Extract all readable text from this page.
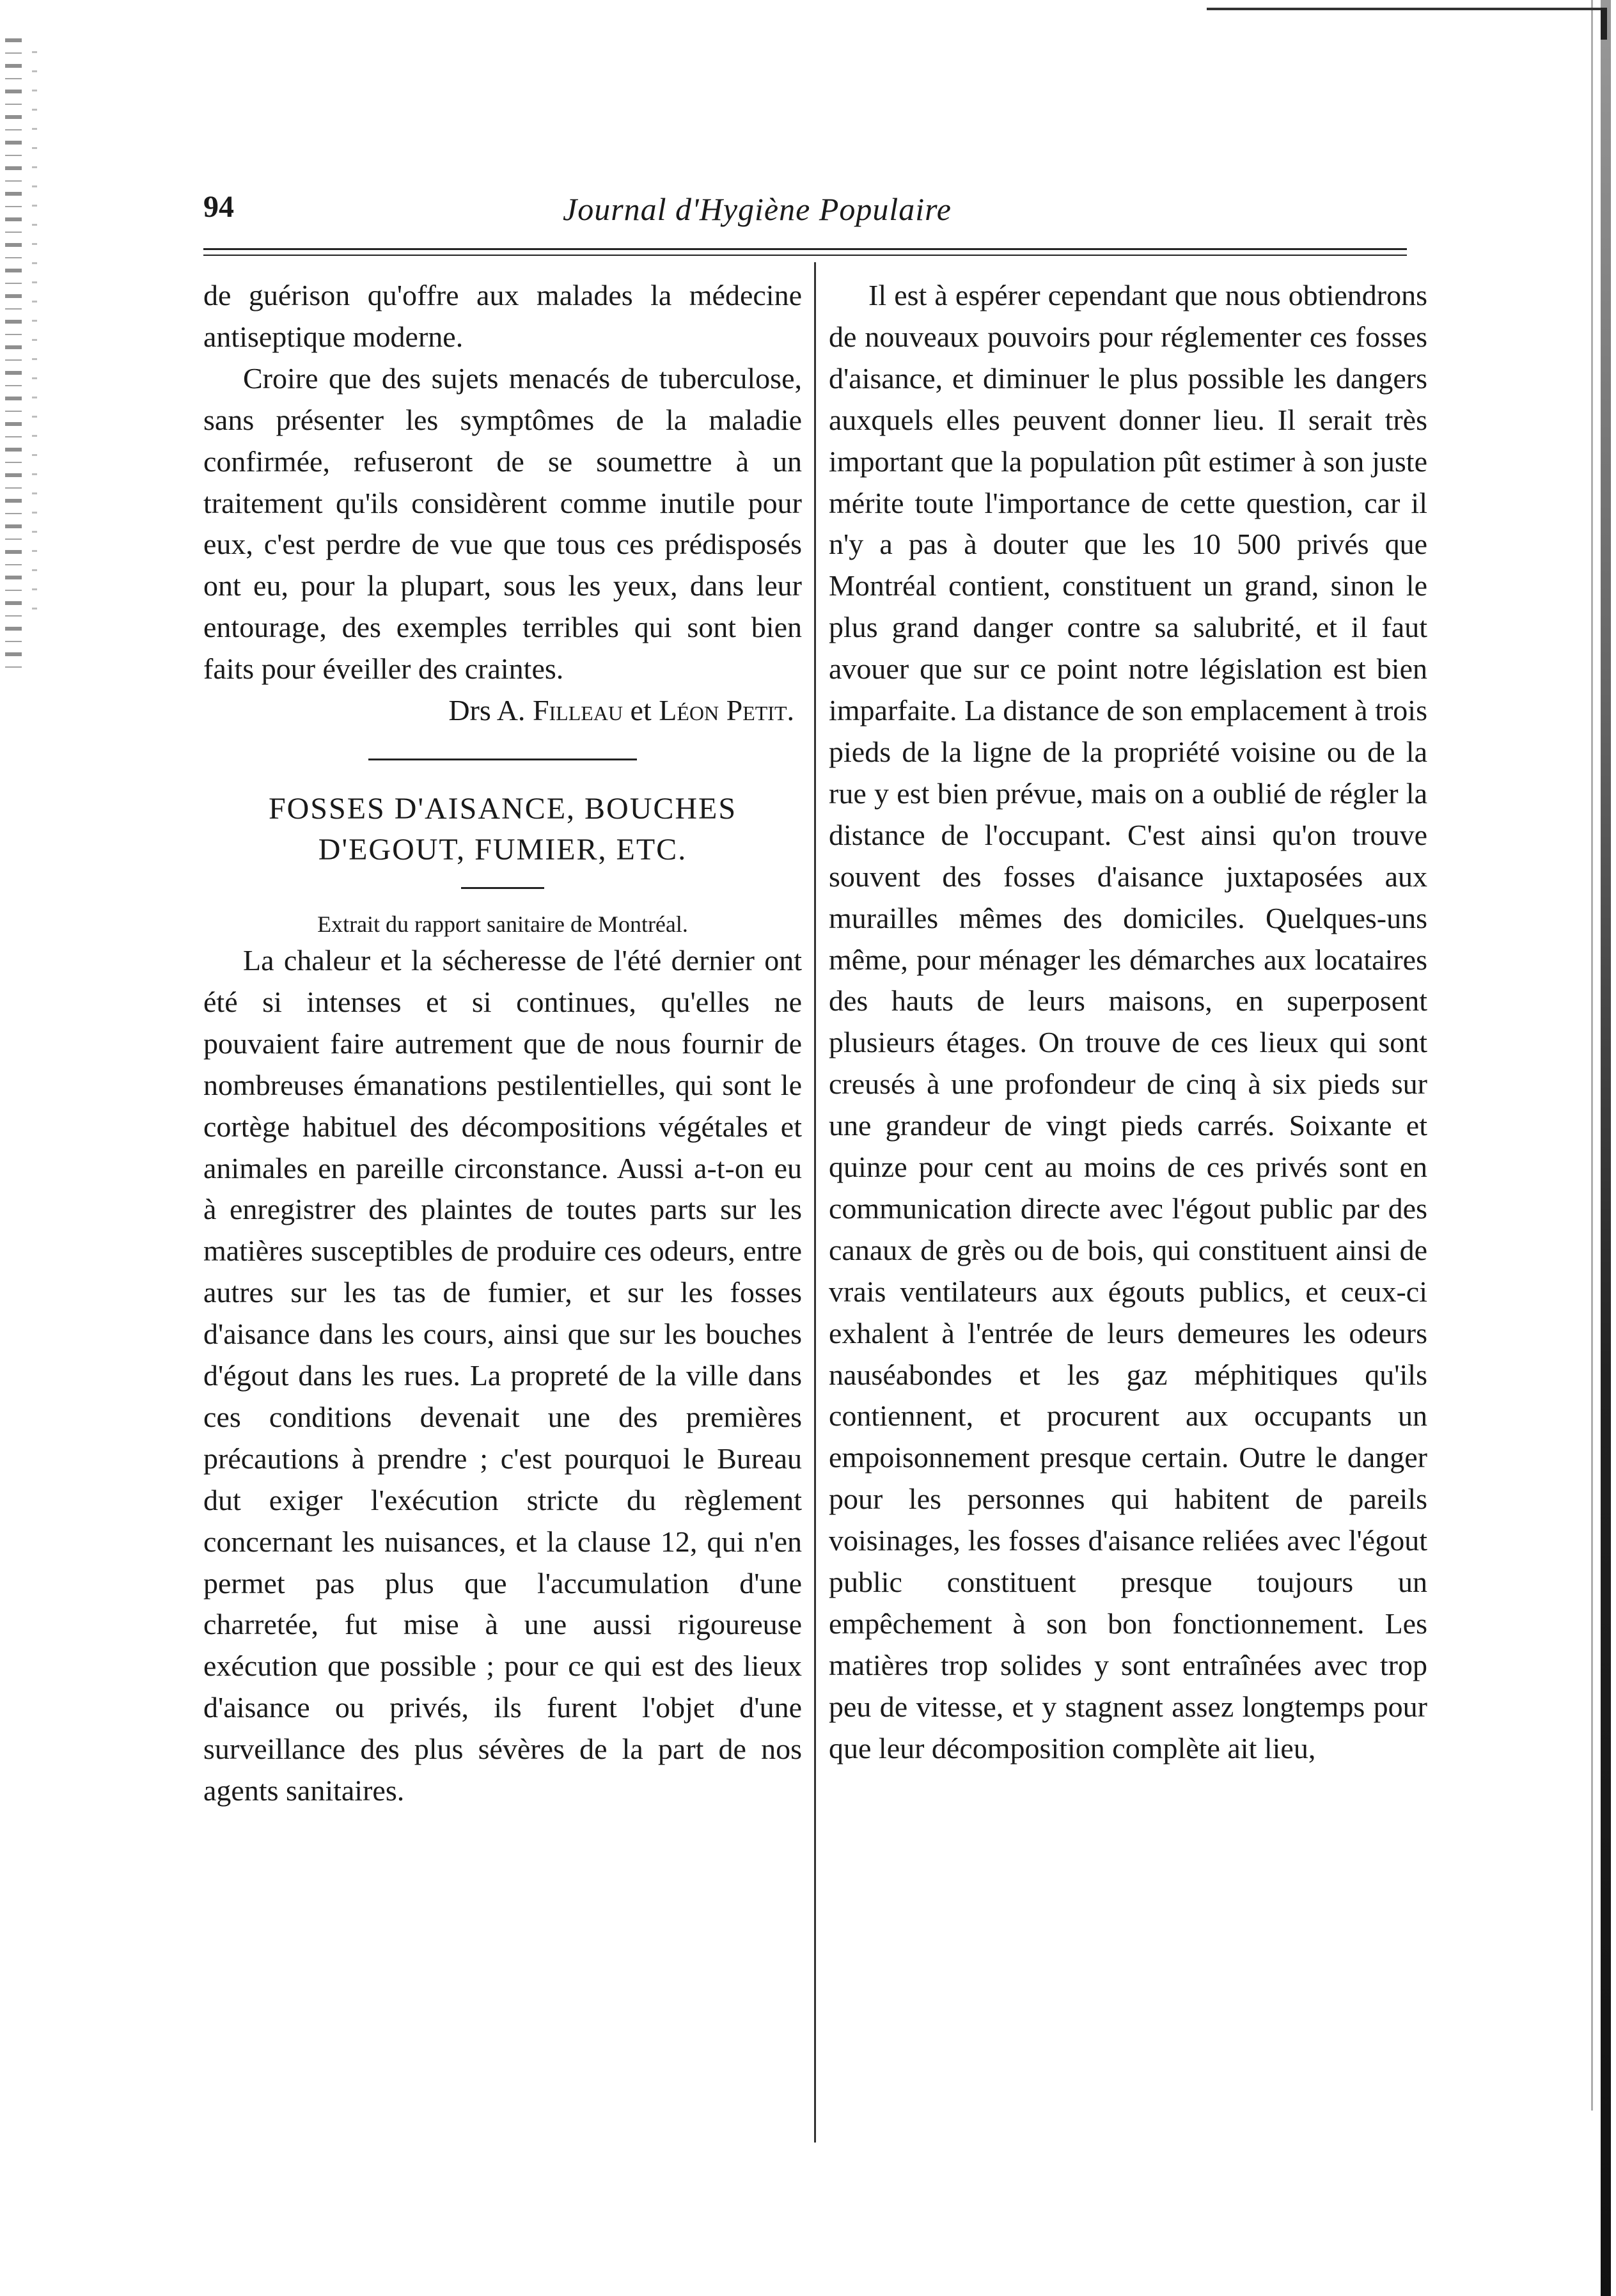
94	Journal d'Hygiène Populaire

de guérison qu'offre aux malades la médecine antiseptique moderne.

Croire que des sujets menacés de tuberculose, sans présenter les symptômes de la maladie confirmée, refuseront de se soumettre à un traitement qu'ils considèrent comme inutile pour eux, c'est perdre de vue que tous ces prédisposés ont eu, pour la plupart, sous les yeux, dans leur entourage, des exemples terribles qui sont bien faits pour éveiller des craintes.

Drs A. Filleau et Léon Petit.

FOSSES D'AISANCE, BOUCHES

D'EGOUT, FUMIER, ETC.

Extrait du rapport sanitaire de Montréal.

La chaleur et la sécheresse de l'été dernier ont été si intenses et si continues, qu'elles ne pouvaient faire autrement que de nous fournir de nombreuses émanations pestilentielles, qui sont le cortège habituel des décompositions végétales et animales en pareille circonstance. Aussi a-t-on eu à enregistrer des plaintes de toutes parts sur les matières susceptibles de produire ces odeurs, entre autres sur les tas de fumier, et sur les fosses d'aisance dans les cours, ainsi que sur les bouches d'égout dans les rues. La propreté de la ville dans ces conditions devenait une des premières précautions à prendre ; c'est pourquoi le Bureau dut exiger l'exécution stricte du règlement concernant les nuisances, et la clause 12, qui n'en permet pas plus que l'accumulation d'une charretée, fut mise à une aussi rigoureuse exécution que possible ; pour ce qui est des lieux d'aisance ou privés, ils furent l'objet d'une surveillance des plus sévères de la part de nos agents sanitaires.

Il est à espérer cependant que nous obtiendrons de nouveaux pouvoirs pour réglementer ces fosses d'aisance, et diminuer le plus possible les dangers auxquels elles peuvent donner lieu. Il serait très important que la population pût estimer à son juste mérite toute l'importance de cette question, car il n'y a pas à douter que les 10 500 privés que Montréal contient, constituent un grand, sinon le plus grand danger contre sa salubrité, et il faut avouer que sur ce point notre législation est bien imparfaite. La distance de son emplacement à trois pieds de la ligne de la propriété voisine ou de la rue y est bien prévue, mais on a oublié de régler la distance de l'occupant. C'est ainsi qu'on trouve souvent des fosses d'aisance juxtaposées aux murailles mêmes des domiciles. Quelques-uns même, pour ménager les démarches aux locataires des hauts de leurs maisons, en superposent plusieurs étages. On trouve de ces lieux qui sont creusés à une profondeur de cinq à six pieds sur une grandeur de vingt pieds carrés. Soixante et quinze pour cent au moins de ces privés sont en communication directe avec l'égout public par des canaux de grès ou de bois, qui constituent ainsi de vrais ventilateurs aux égouts publics, et ceux-ci exhalent à l'entrée de leurs demeures les odeurs nauséabondes et les gaz méphitiques qu'ils contiennent, et procurent aux occupants un empoisonnement presque certain. Outre le danger pour les personnes qui habitent de pareils voisinages, les fosses d'aisance reliées avec l'égout public constituent presque toujours un empêchement à son bon fonctionnement. Les matières trop solides y sont entraînées avec trop peu de vitesse, et y stagnent assez longtemps pour que leur décomposition complète ait lieu,
